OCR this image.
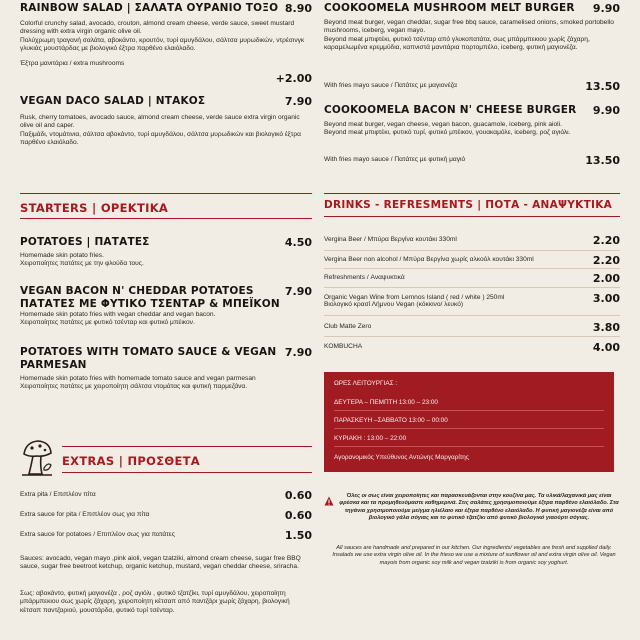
RAINBOW SALAD | ΣΑΛΑΤΑ ΟΥΡΑΝΙΟ ΤΟΞΟ 8.90
Colorful crunchy salad, avocado, crouton, almond cream cheese, verde sauce, sweet mustard dressing with extra virgin organic olive oil.
Πολύχρωμη τραγανή σαλάτα, αβοκάντο, κρουτόν, τυρί αμυγδάλου, σάλτσα μυρωδικών, ντρέσινγκ γλυκιάς μουστάρδας με βιολογικό έξτρα παρθένο ελαιόλαδο.
Έξτρα μανιτάρια / extra mushrooms
+2.00
VEGAN DACO SALAD | ΝΤΑΚΟΣ	7.90
Rusk, cherry tomatoes, avocado sauce, almond cream cheese, verde sauce extra virgin organic olive oil and caper.
Παξιμάδι, ντομάτινια, σάλτσα αβοκάντο, τυρί αμυγδάλου, σάλτσα μυρωδικών και βιολογικό έξτρα παρθένο ελαιόλαδο.
STARTERS | ΟΡΕΚΤΙΚΑ
POTATOES | ΠΑΤΑΤΕΣ	4.50
Homemade skin potato fries.
Χειροποίητες πατάτες με την φλούδα τους.
VEGAN BACON N' CHEDDAR POTATOES
ΠΑΤΑΤΕΣ ΜΕ ΦΥΤΙΚΟ ΤΣΕΝΤΑΡ & ΜΠΕΪΚΟΝ
7.90
Homemade skin potato fries with vegan cheddar and vegan bacon.
Χειροποίητες πατάτες με φυτικό τσένταρ και φυτικό μπέικον.
POTATOES WITH TOMATO SAUCE & VEGAN
PARMESAN
7.90
Homemade skin potato fries with homemade tomato sauce and vegan parmesan
Χειροποίητες πατάτες με χειροποίητη σάλτσα ντομάτας και φυτική παρμεζάνα.
EXTRAS | ΠΡΟΣΘΕΤΑ
Extra pita / Επιπλέον πίτα	0.60
Extra sauce for pita / Επιπλέον σως για πίτα	0.60
Extra sauce for potatoes / Επιπλέον σως για πατάτες	1.50
Sauces: avocado, vegan mayo ,pink aioli, vegan tzatziki, almond cream cheese, sugar free BBQ sauce, sugar free beetroot ketchup, organic ketchup, mustard, vegan cheddar cheese, sriracha.
Σως: αβοκάντο, φυτική μαγιονέζα , ροζ αγιόλι , φυτικό τζατζίκι, τυρί αμυγδάλου, χειροποίητη μπάρμπεκιου σως χωρίς ζάχαρη, χειροποίητη κέτσαπ από παντζάρι χωρίς ζάχαρη, βιολογική κέτσαπ παντζαριού, μουστάρδα, φυτικό τυρί τσένταρ.
COOKOOMELA MUSHROOM MELT BURGER	9.90
Beyond meat burger, vegan cheddar, sugar free bbq sauce, caramelised onions, smoked portobello mushrooms, iceberg, vegan mayo.
Beyond meat μπιφτέκι, φυτικό τσένταρ από γλυκοπατάτα, σως μπάρμπεκιου χωρίς ζάχαρη, καραμελωμένα κρεμμύδια, καπνιστά μανιτάρια πορτομπέλο, iceberg, φυτική μαγιονέζα.
With fries mayo sauce / Πατάτες με μαγιονέζα	13.50
COOKOOMELA BACON N' CHEESE BURGER	9.90
Beyond meat burger, vegan cheese, vegan bacon, guacamole, iceberg, pink aioli.
Beyond meat μπιφτέκι, φυτικό τυρί, φυτικό μπέικον, γουακαμόλε, iceberg, ροζ αγιόλι.
With fries mayo sauce / Πατάτες με φυτική μαγιό	13.50
DRINKS - REFRESMENTS | ΠΟΤΑ - ΑΝΑΨΥΚΤΙΚΑ
Vergina Beer / Μπύρα Βεργίνα κουτάκι 330ml	2.20
Vergina Beer non alcohol / Μπύρα Βεργίνα χωρίς αλκοόλ κουτάκι 330ml	2.20
Refreshments / Αναψυκτικά	2.00
Organic Vegan Wine from Lemnos Island ( red / white ) 250ml
Βιολογικό κρασί Λήμνου Vegan (κόκκινο/ λευκό)	3.00
Club Matte Zero	3.80
KOMBUCHA	4.00
ΩΡΕΣ ΛΕΙΤΟΥΡΓΙΑΣ :
ΔΕΥΤΕΡΑ – ΠΕΜΠΤΗ 13:00 – 23:00
ΠΑΡΑΣΚΕΥΗ –ΣΑΒΒΑΤΟ 13:00 – 00:00
ΚΥΡΙΑΚΗ : 13:00 – 22:00
Αγορανομικός Υπεύθυνος Αντώνης Μαργαρίτης
Όλες οι σως είναι χειροποίητες και παρασκευάζονται στην κουζίνα μας. Τα υλικά/λαχανικά μας είναι φρέσκα και τα προμηθευόμαστε καθημερινά. Στις σαλάτες χρησιμοποιούμε έξτρα παρθένο ελαιόλαδο. Στα τηγάνια χρησιμοποιούμε μείγμα ηλιέλαιο και έξτρα παρθένο ελαιόλαδο. Η φυτική μαγιονέζα είναι από βιολογικό γάλα σόγιας και το φυτικό τζατζίκι από φυτικό βιολογικό γιαούρτι σόγιας.
All sauces are handmade and prepared in our kitchen. Our ingredients/ vegetables are fresh and supplied daily. Insalads we use extra virgin olive oil. In the frieso we use a mixture of sunflower oil and extra virgin olive oil. Vegan mayois from organic soy milk and vegan tzatziki is from organic soy yoghurt.
